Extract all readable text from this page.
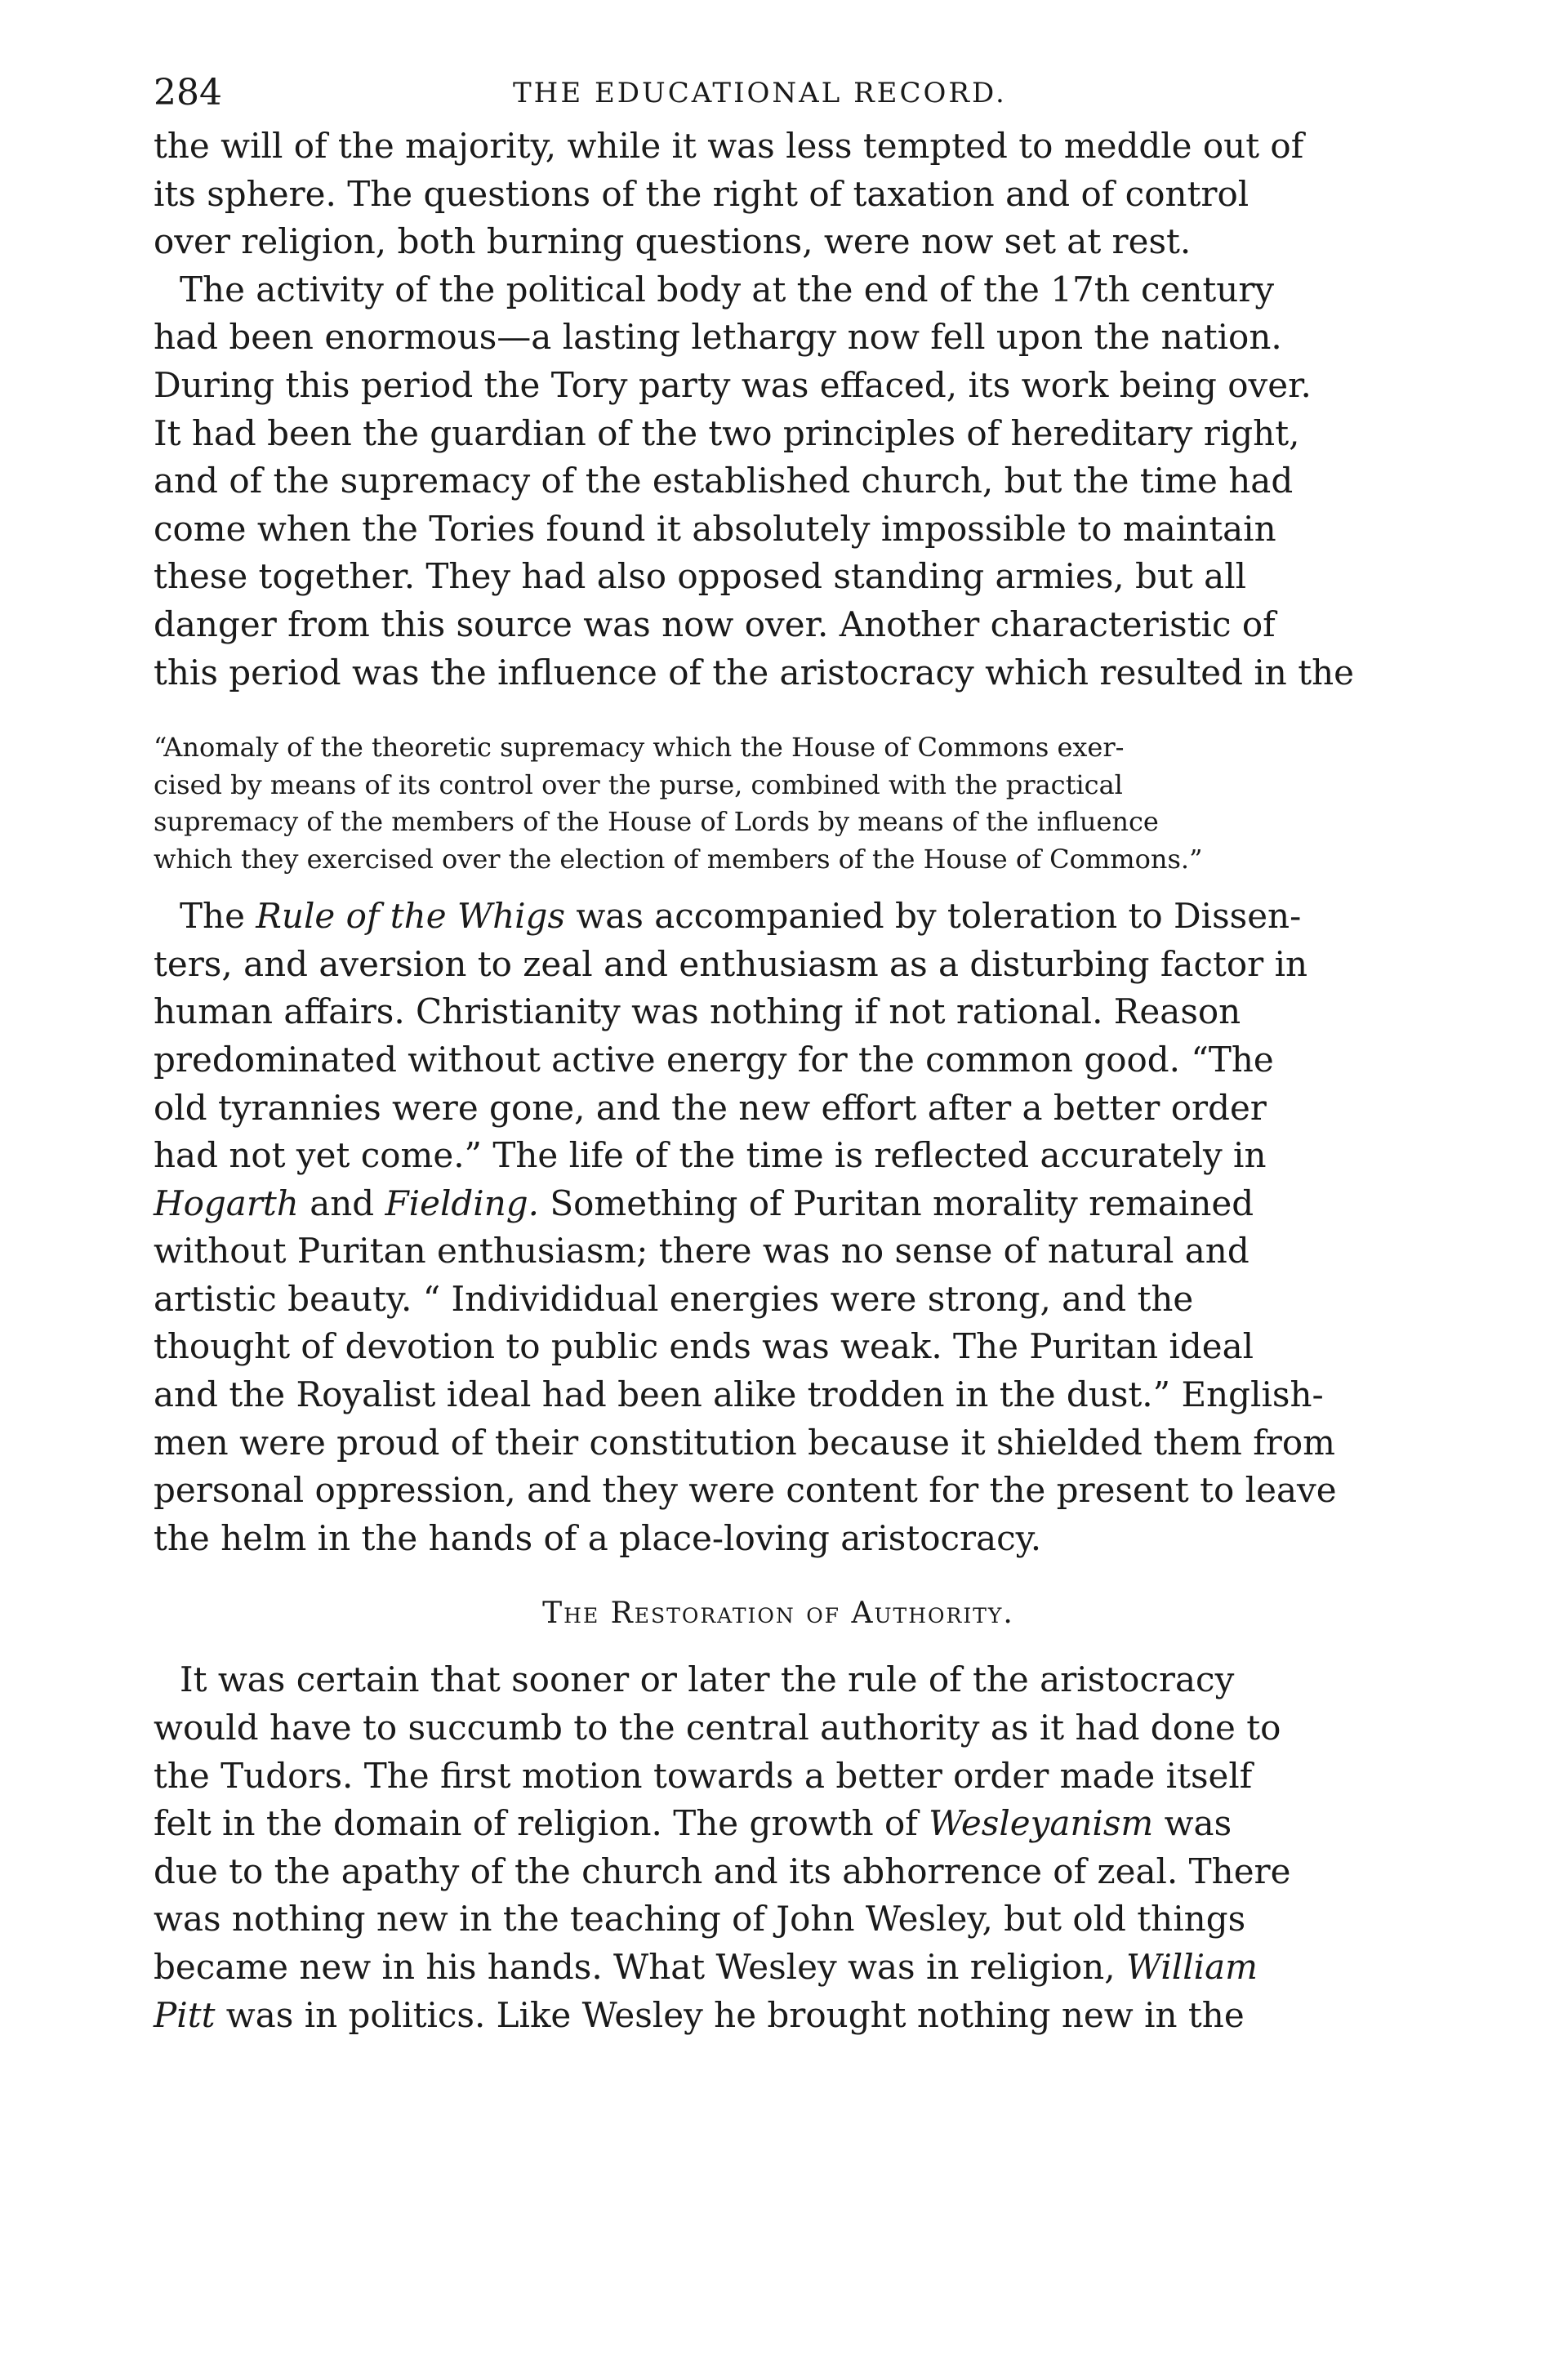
284	THE EDUCATIONAL RECORD.

the will of the majority, while it was less tempted to meddle out of
its sphere. The questions of the right of taxation and of control
over religion, both burning questions, were now set at rest.

The activity of the political body at the end of the 17th century
had been enormous—a lasting lethargy now fell upon the nation.
During this period the Tory party was effaced, its work being over.
It had been the guardian of the two principles of hereditary right,
and of the supremacy of the established church, but the time had
come when the Tories found it absolutely impossible to maintain
these together. They had also opposed standing armies, but all
danger from this source was now over. Another characteristic of
this period was the influence of the aristocracy which resulted in the

“Anomaly of the theoretic supremacy which the House of Commons exer-
cised by means of its control over the purse, combined with the practical
supremacy of the members of the House of Lords by means of the influence
which they exercised over the election of members of the House of Commons.”

The Rule of the Whigs was accompanied by toleration to Dissen-
ters, and aversion to zeal and enthusiasm as a disturbing factor in
human affairs. Christianity was nothing if not rational. Reason
predominated without active energy for the common good. “The
old tyrannies were gone, and the new effort after a better order
had not yet come.” The life of the time is reflected accurately in
Hogarth and Fielding. Something of Puritan morality remained
without Puritan enthusiasm; there was no sense of natural and
artistic beauty. “ Individidual energies were strong, and the
thought of devotion to public ends was weak. The Puritan ideal
and the Royalist ideal had been alike trodden in the dust.” English-
men were proud of their constitution because it shielded them from
personal oppression, and they were content for the present to leave
the helm in the hands of a place-loving aristocracy.

The Restoration of Authority.

It was certain that sooner or later the rule of the aristocracy
would have to succumb to the central authority as it had done to
the Tudors. The first motion towards a better order made itself
felt in the domain of religion. The growth of Wesleyanism was
due to the apathy of the church and its abhorrence of zeal. There
was nothing new in the teaching of John Wesley, but old things
became new in his hands. What Wesley was in religion, William
Pitt was in politics. Like Wesley he brought nothing new in the
